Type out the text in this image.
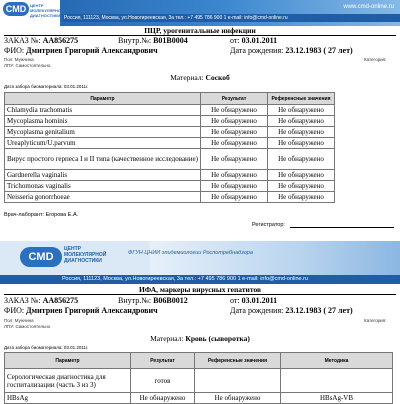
CMD ЦЕНТР МОЛЕКУЛЯРНОЙ ДИАГНОСТИКИ
www.cmd-online.ru
Россия, 111123, Москва, ул.Новогиреевская, 3а тел.: +7 495 786 900 1 e-mail: info@cmd-online.ru
ПЦР, урогенитальные инфекции
ЗАКАЗ №: АА856275	Внутр.№: B01B0004	от: 03.01.2011
ФИО: Дмитриев Григорий Александрович	Дата рождения: 23.12.1983 ( 27 лет)
Пол: Мужчина	Категория:
ЛПУ: Самостоятельно
Материал: Соскоб
Дата забора биоматериала: 03.01.2011г.
Параметр	Результат	Референсные значения
Chlamydia trachomatis	Не обнаружено	Не обнаружено
Mycoplasma hominis	Не обнаружено	Не обнаружено
Mycoplasma genitalium	Не обнаружено	Не обнаружено
Ureaplyticum/U.parvum	Не обнаружено	Не обнаружено
Вирус простого герпеса I и II типа (качественное исследование)	Не обнаружено	Не обнаружено
Gardnerella vaginalis	Не обнаружено	Не обнаружено
Trichomonas vaginalis	Не обнаружено	Не обнаружено
Neisseria gonorrhoeae	Не обнаружено	Не обнаружено
Врач-лаборант: Егорова Е.А.
Регистратор:
CMD
ЦЕНТР МОЛЕКУЛЯРНОЙ ДИАГНОСТИКИ
ФГУН ЦНИИ эпидемиологии Роспотребнадзора
Россия, 111123, Москва, ул.Новогиреевская, 3а тел.: +7 495 786 900 1 e-mail: info@cmd-online.ru
ИФА, маркеры вирусных гепатитов
ЗАКАЗ №: АА856275	Внутр.№: B06B0012	от: 03.01.2011
ФИО: Дмитриев Григорий Александрович	Дата рождения: 23.12.1983 ( 27 лет)
Пол: Мужчина	Категория:
ЛПУ: Самостоятельно
Материал: Кровь (сыворотка)
Дата забора биоматериала: 03.01.2011г.
Параметр	Результат	Референсные значения	Методика
Серологическая диагностика для госпитализации (часть 3 из 3)	готов		
HBsAg	Не обнаружено	Не обнаружено	HBsAg-VB
